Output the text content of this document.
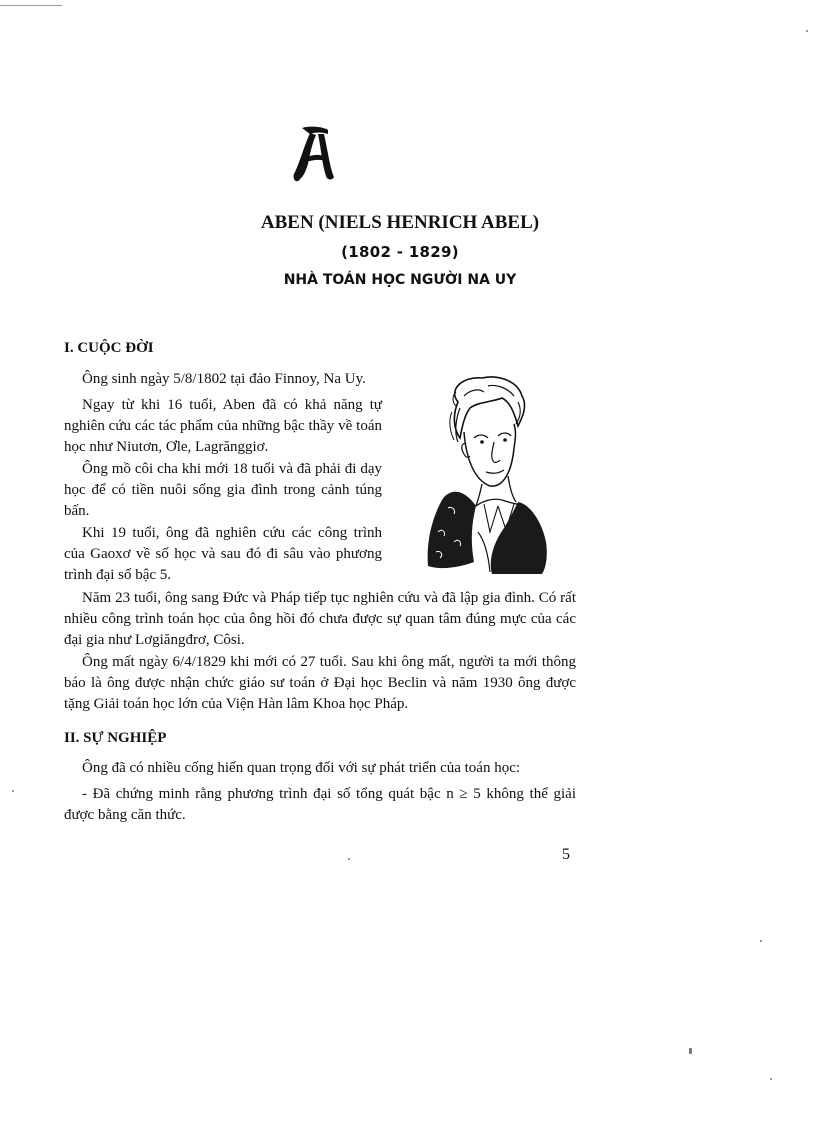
ABEN (NIELS HENRICH ABEL)
(1802 - 1829)
NHÀ TOÁN HỌC NGƯỜI NA UY
I. CUỘC ĐỜI

Ông sinh ngày 5/8/1802 tại đảo Finnoy, Na Uy.

Ngay từ khi 16 tuổi, Aben đã có khả năng tự nghiên cứu các tác phẩm của những bậc thầy về toán học như Niutơn, Ơle, Lagrănggiơ.

Ông mồ côi cha khi mới 18 tuổi và đã phải đi dạy học để có tiền nuôi sống gia đình trong cảnh túng bấn.

Khi 19 tuổi, ông đã nghiên cứu các công trình của Gaoxơ về số học và sau đó đi sâu vào phương trình đại số bậc 5.

Năm 23 tuổi, ông sang Đức và Pháp tiếp tục nghiên cứu và đã lập gia đình. Có rất nhiều công trình toán học của ông hồi đó chưa được sự quan tâm đúng mực của các đại gia như Lơgiăngđrơ, Côsi.

Ông mất ngày 6/4/1829 khi mới có 27 tuổi. Sau khi ông mất, người ta mới thông báo là ông được nhận chức giáo sư toán ở Đại học Beclin và năm 1930 ông được tặng Giải toán học lớn của Viện Hàn lâm Khoa học Pháp.

II. SỰ NGHIỆP

Ông đã có nhiều cống hiến quan trọng đối với sự phát triển của toán học:

- Đã chứng minh rằng phương trình đại số tổng quát bậc n ≥ 5 không thể giải được bằng căn thức.

5
